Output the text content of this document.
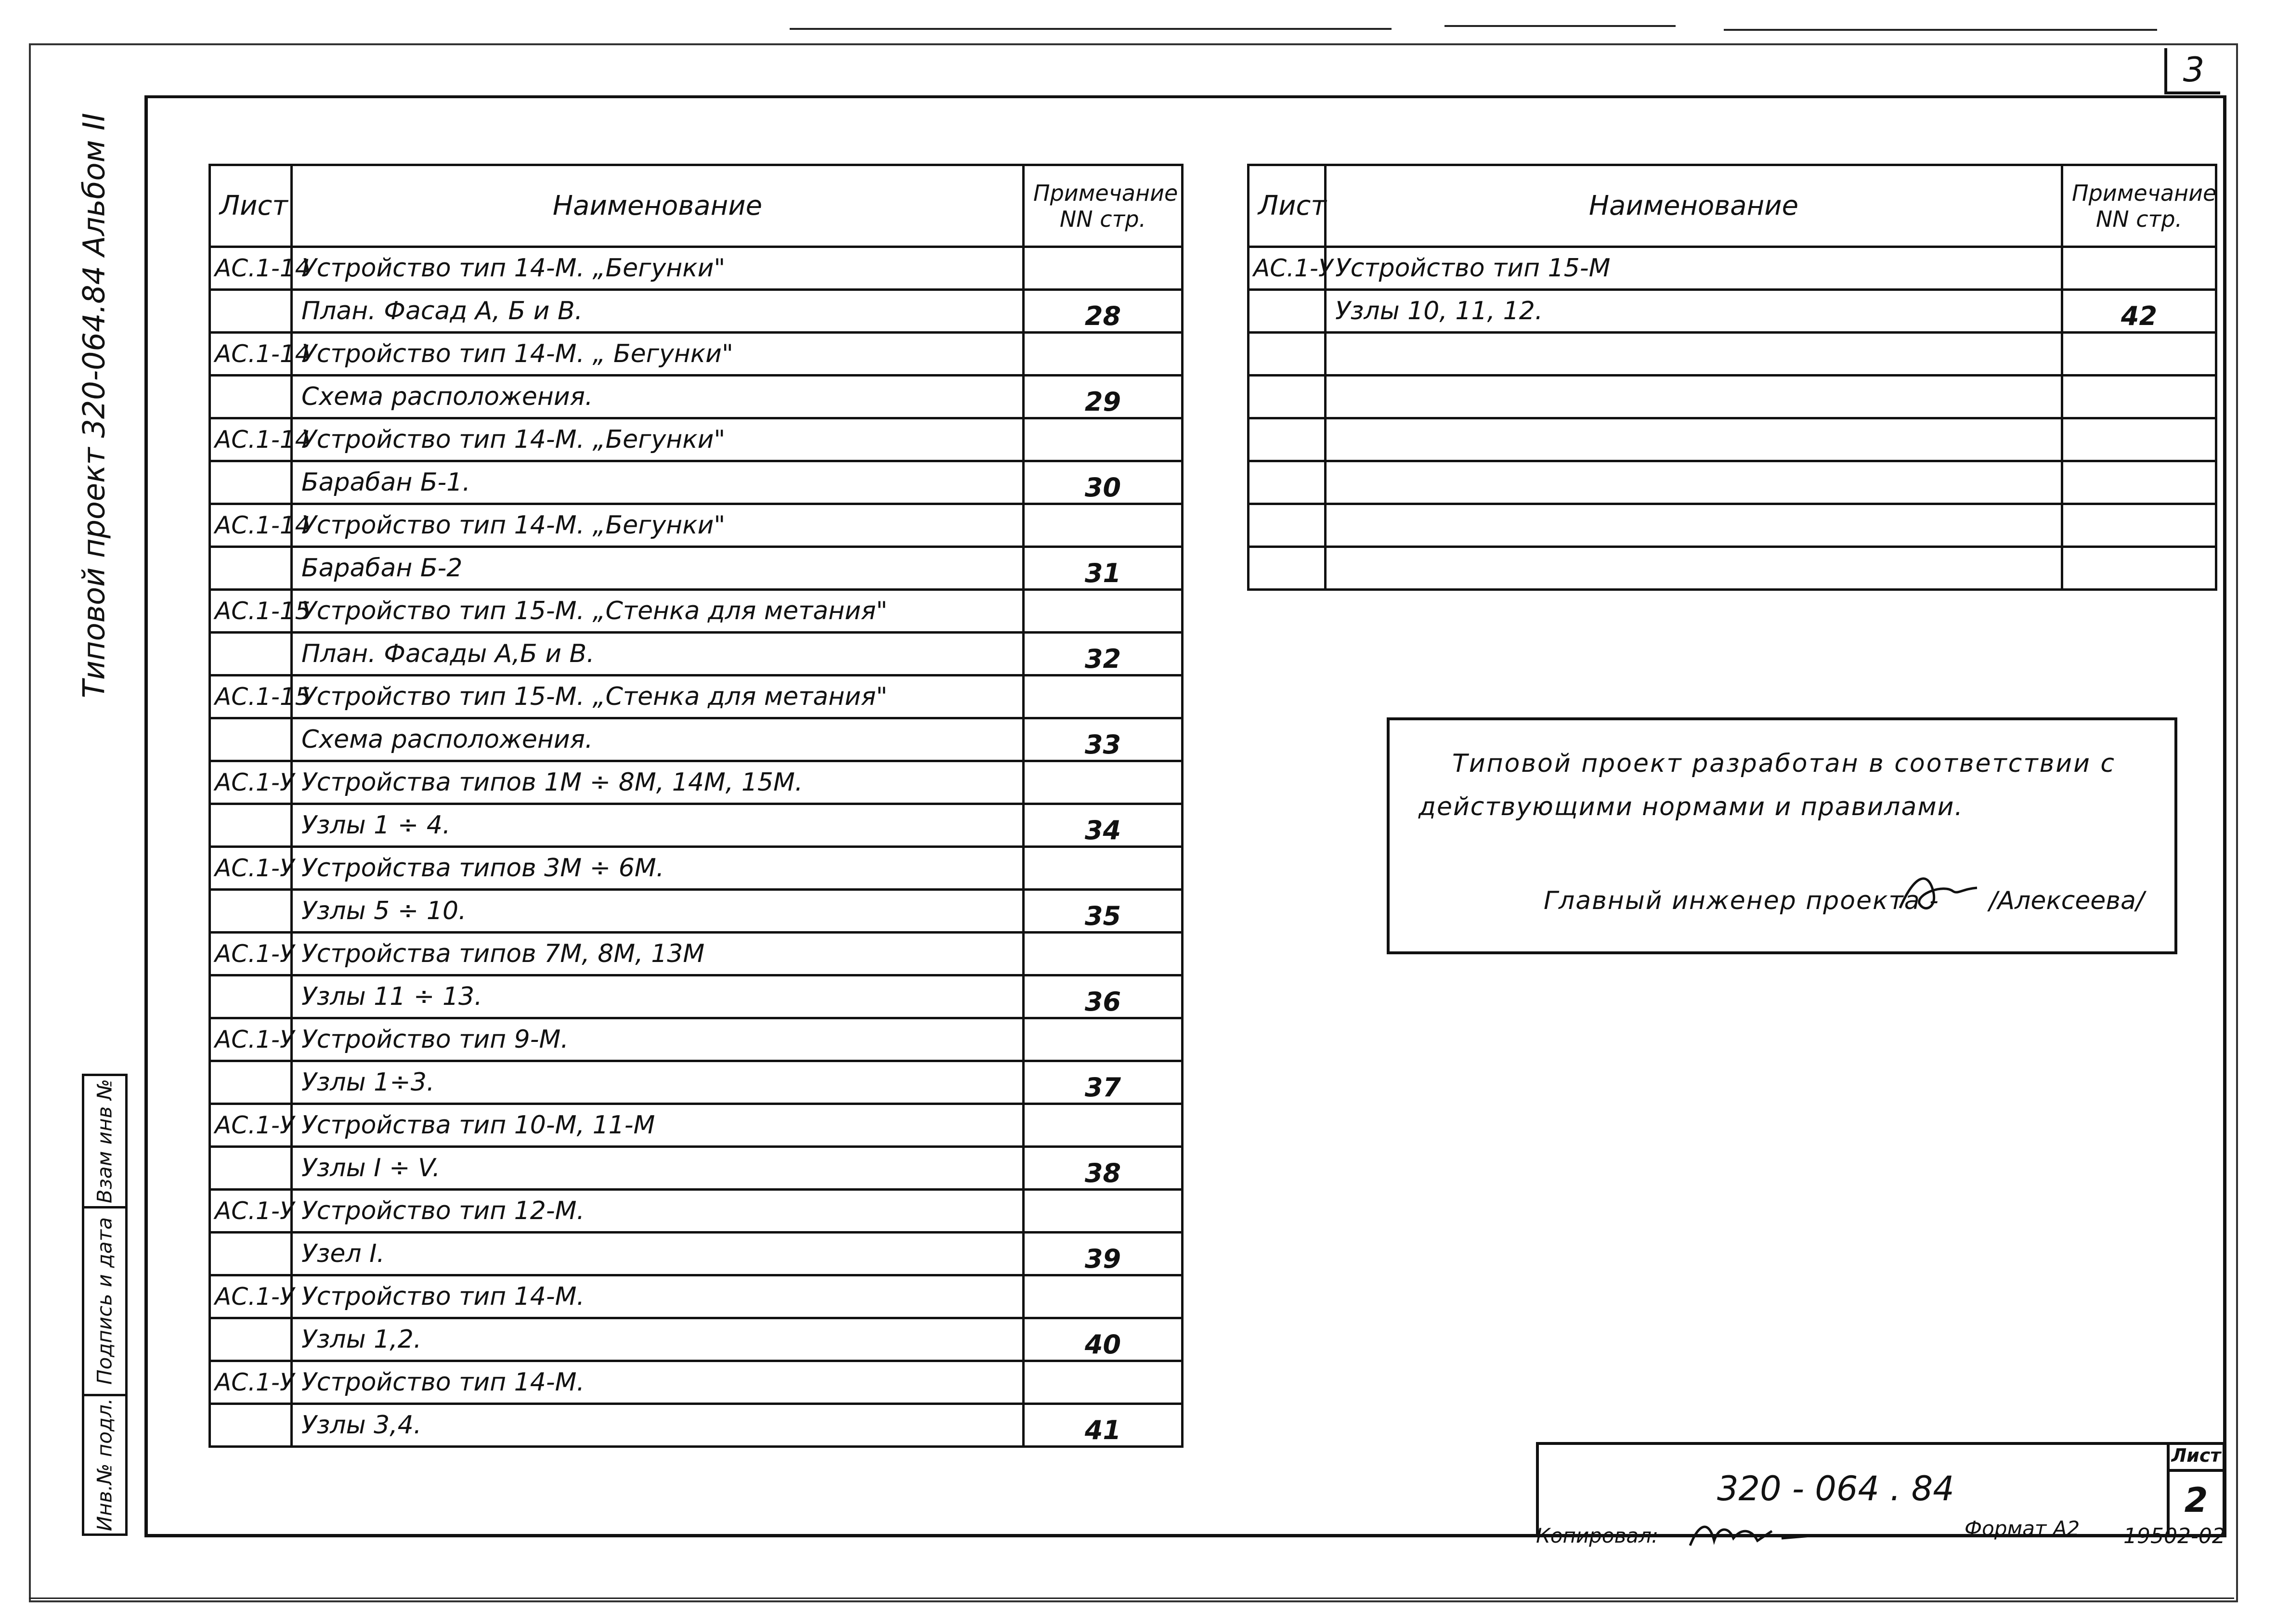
3
Типовой проект 320-064.84 Альбом II
Взам инв №
Подпись и дата
Инв.№ подл.
Лист	Наименование	Примечание
NN стр.
АС.1-14	Устройство тип 14-М. „Бегунки"	
	План. Фасад А, Б и В.	28
АС.1-14	Устройство тип 14-М. „ Бегунки"	
	Схема расположения.	29
АС.1-14	Устройство тип 14-М. „Бегунки"	
	Барабан Б-1.	30
АС.1-14	Устройство тип 14-М. „Бегунки"	
	Барабан Б-2	31
АС.1-15	Устройство тип 15-М. „Стенка для метания"	
	План. Фасады А,Б и В.	32
АС.1-15	Устройство тип 15-М. „Стенка для метания"	
	Схема расположения.	33
АС.1-У	Устройства типов 1М ÷ 8М, 14М, 15М.	
	Узлы 1 ÷ 4.	34
АС.1-У	Устройства типов 3М ÷ 6М.	
	Узлы 5 ÷ 10.	35
АС.1-У	Устройства типов 7М, 8М, 13М	
	Узлы 11 ÷ 13.	36
АС.1-У	Устройство тип 9-М.	
	Узлы 1÷3.	37
АС.1-У	Устройства тип 10-М, 11-М	
	Узлы I ÷ V.	38
АС.1-У	Устройство тип 12-М.	
	Узел I.	39
АС.1-У	Устройство тип 14-М.	
	Узлы 1,2.	40
АС.1-У	Устройство тип 14-М.	
	Узлы 3,4.	41
Лист	Наименование	Примечание
NN стр.
АС.1-У	Устройство тип 15-М	
	Узлы 10, 11, 12.	42

Типовой проект разработан в соответствии с
действующими нормами и правилами.
Главный инженер проекта - /Алексеева/
320 - 064 . 84
Лист
2
Копировал:	Формат А2 19502-02
